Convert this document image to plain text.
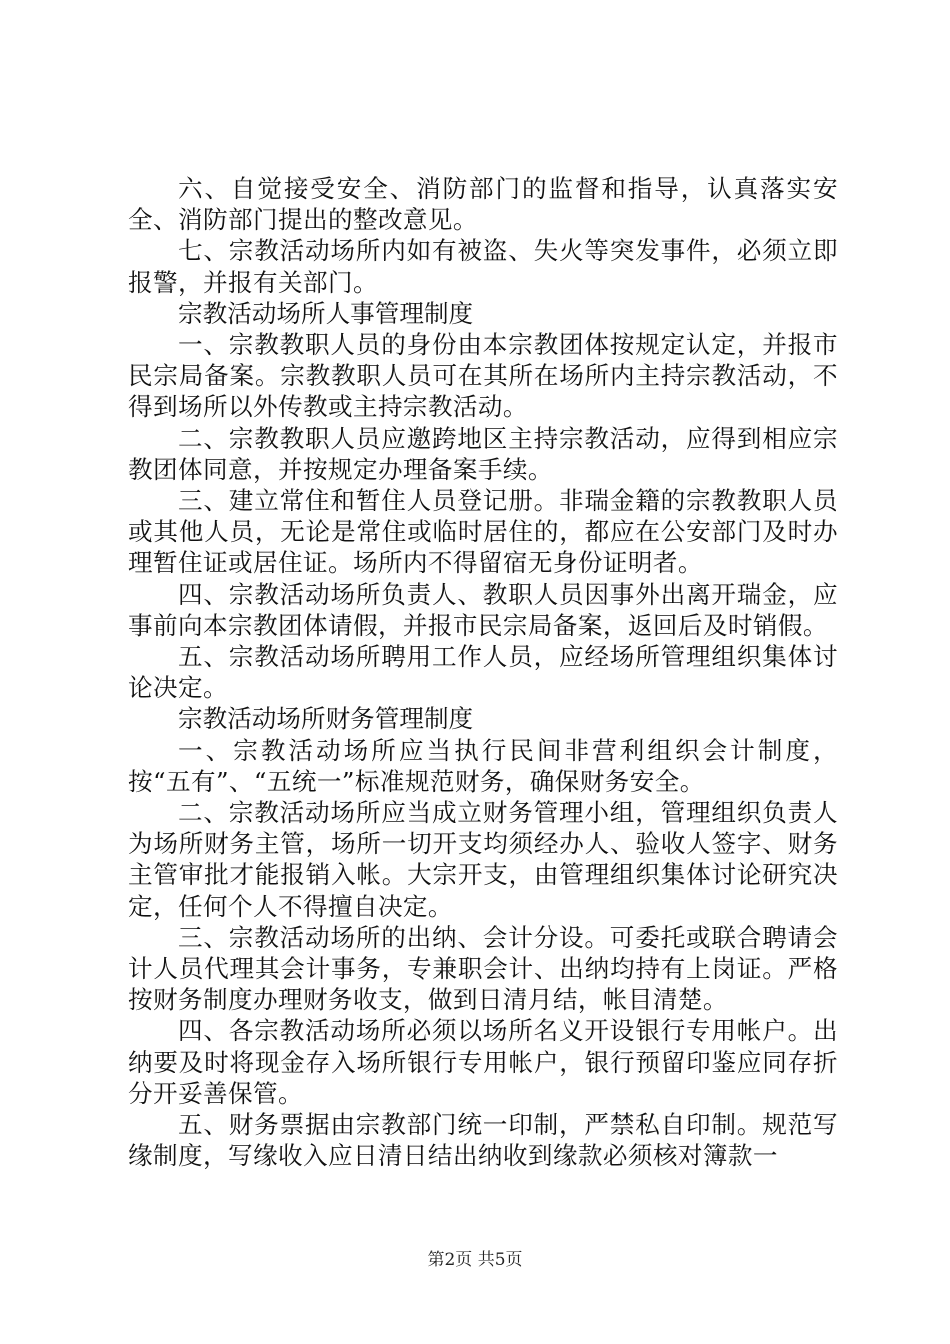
六、自觉接受安全、消防部门的监督和指导，认真落实安全、消防部门提出的整改意见。

七、宗教活动场所内如有被盗、失火等突发事件，必须立即报警，并报有关部门。

宗教活动场所人事管理制度

一、宗教教职人员的身份由本宗教团体按规定认定，并报市民宗局备案。宗教教职人员可在其所在场所内主持宗教活动，不得到场所以外传教或主持宗教活动。

二、宗教教职人员应邀跨地区主持宗教活动，应得到相应宗教团体同意，并按规定办理备案手续。

三、建立常住和暂住人员登记册。非瑞金籍的宗教教职人员或其他人员，无论是常住或临时居住的，都应在公安部门及时办理暂住证或居住证。场所内不得留宿无身份证明者。

四、宗教活动场所负责人、教职人员因事外出离开瑞金，应事前向本宗教团体请假，并报市民宗局备案，返回后及时销假。

五、宗教活动场所聘用工作人员，应经场所管理组织集体讨论决定。

宗教活动场所财务管理制度

一、宗教活动场所应当执行民间非营利组织会计制度，按“五有”、“五统一”标准规范财务，确保财务安全。

二、宗教活动场所应当成立财务管理小组，管理组织负责人为场所财务主管，场所一切开支均须经办人、验收人签字、财务主管审批才能报销入帐。大宗开支，由管理组织集体讨论研究决定，任何个人不得擅自决定。

三、宗教活动场所的出纳、会计分设。可委托或联合聘请会计人员代理其会计事务，专兼职会计、出纳均持有上岗证。严格按财务制度办理财务收支，做到日清月结，帐目清楚。

四、各宗教活动场所必须以场所名义开设银行专用帐户。出纳要及时将现金存入场所银行专用帐户，银行预留印鉴应同存折分开妥善保管。

五、财务票据由宗教部门统一印制，严禁私自印制。规范写缘制度，写缘收入应日清日结出纳收到缘款必须核对簿款一

第2页 共5页
